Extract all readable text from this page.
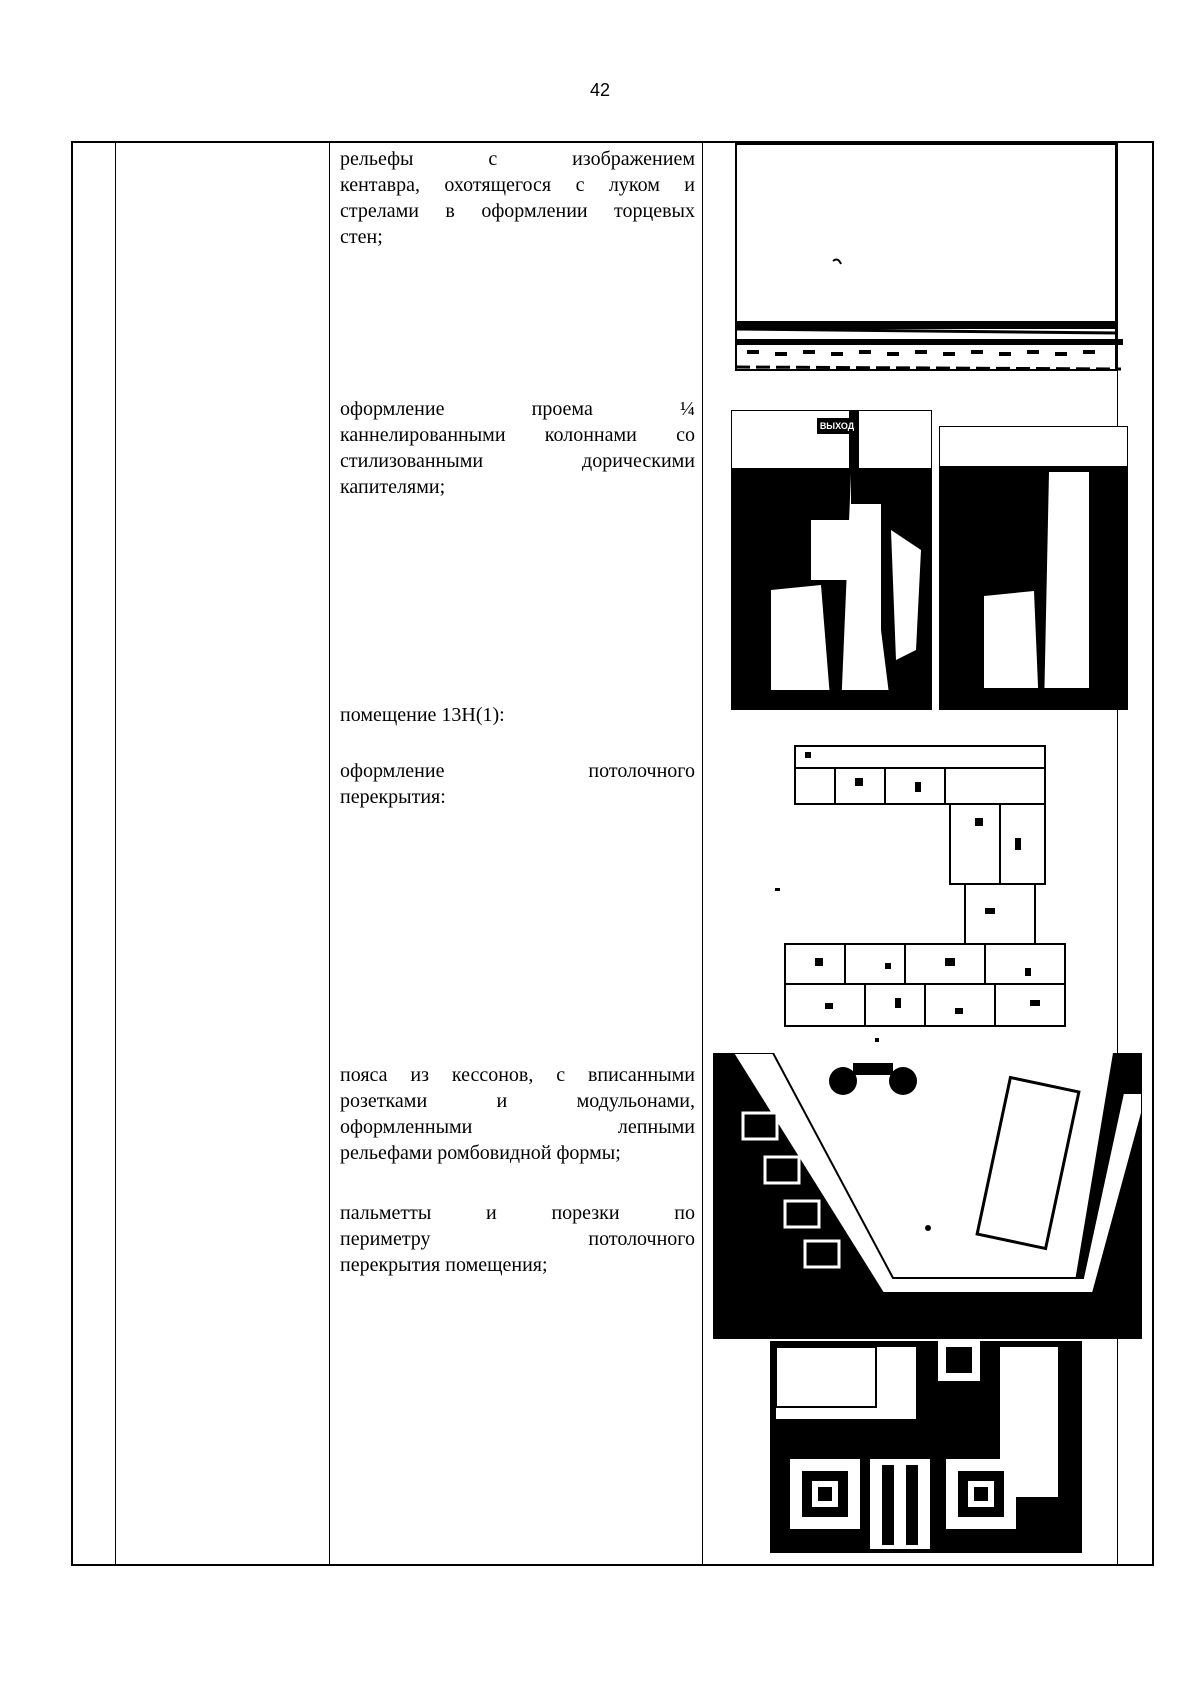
42
рельефы с изображением
кентавра, охотящегося с луком и
стрелами в оформлении торцевых
стен;
оформление проема ¼
каннелированными колоннами со
стилизованными дорическими
капителями;
помещение 13Н(1):
оформление потолочного
перекрытия:
пояса из кессонов, с вписанными
розетками и модульонами,
оформленными лепными
рельефами ромбовидной формы;
пальметты и порезки по
периметру потолочного
перекрытия помещения;
ВЫХОД
